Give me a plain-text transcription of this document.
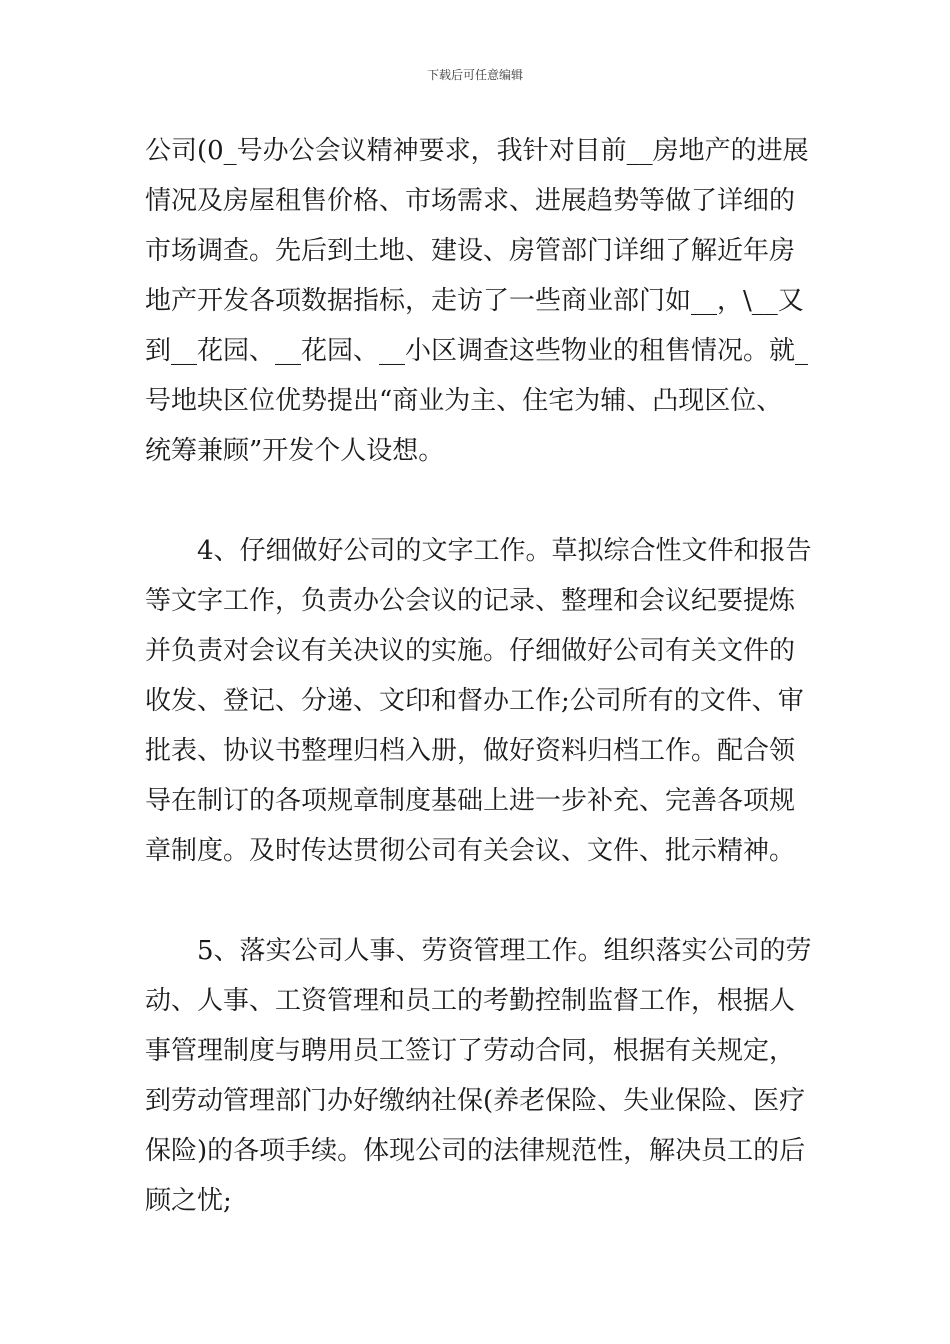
下载后可任意编辑
公司(0_号办公会议精神要求，我针对目前__房地产的进展
情况及房屋租售价格、市场需求、进展趋势等做了详细的
市场调查。先后到土地、建设、房管部门详细了解近年房
地产开发各项数据指标，走访了一些商业部门如__，\__又
到__花园、__花园、__小区调查这些物业的租售情况。就_
号地块区位优势提出“商业为主、住宅为辅、凸现区位、
统筹兼顾”开发个人设想。
　　4、仔细做好公司的文字工作。草拟综合性文件和报告
等文字工作，负责办公会议的记录、整理和会议纪要提炼
并负责对会议有关决议的实施。仔细做好公司有关文件的
收发、登记、分递、文印和督办工作;公司所有的文件、审
批表、协议书整理归档入册，做好资料归档工作。配合领
导在制订的各项规章制度基础上进一步补充、完善各项规
章制度。及时传达贯彻公司有关会议、文件、批示精神。
　　5、落实公司人事、劳资管理工作。组织落实公司的劳
动、人事、工资管理和员工的考勤控制监督工作，根据人
事管理制度与聘用员工签订了劳动合同，根据有关规定，
到劳动管理部门办好缴纳社保(养老保险、失业保险、医疗
保险)的各项手续。体现公司的法律规范性，解决员工的后
顾之忧;
